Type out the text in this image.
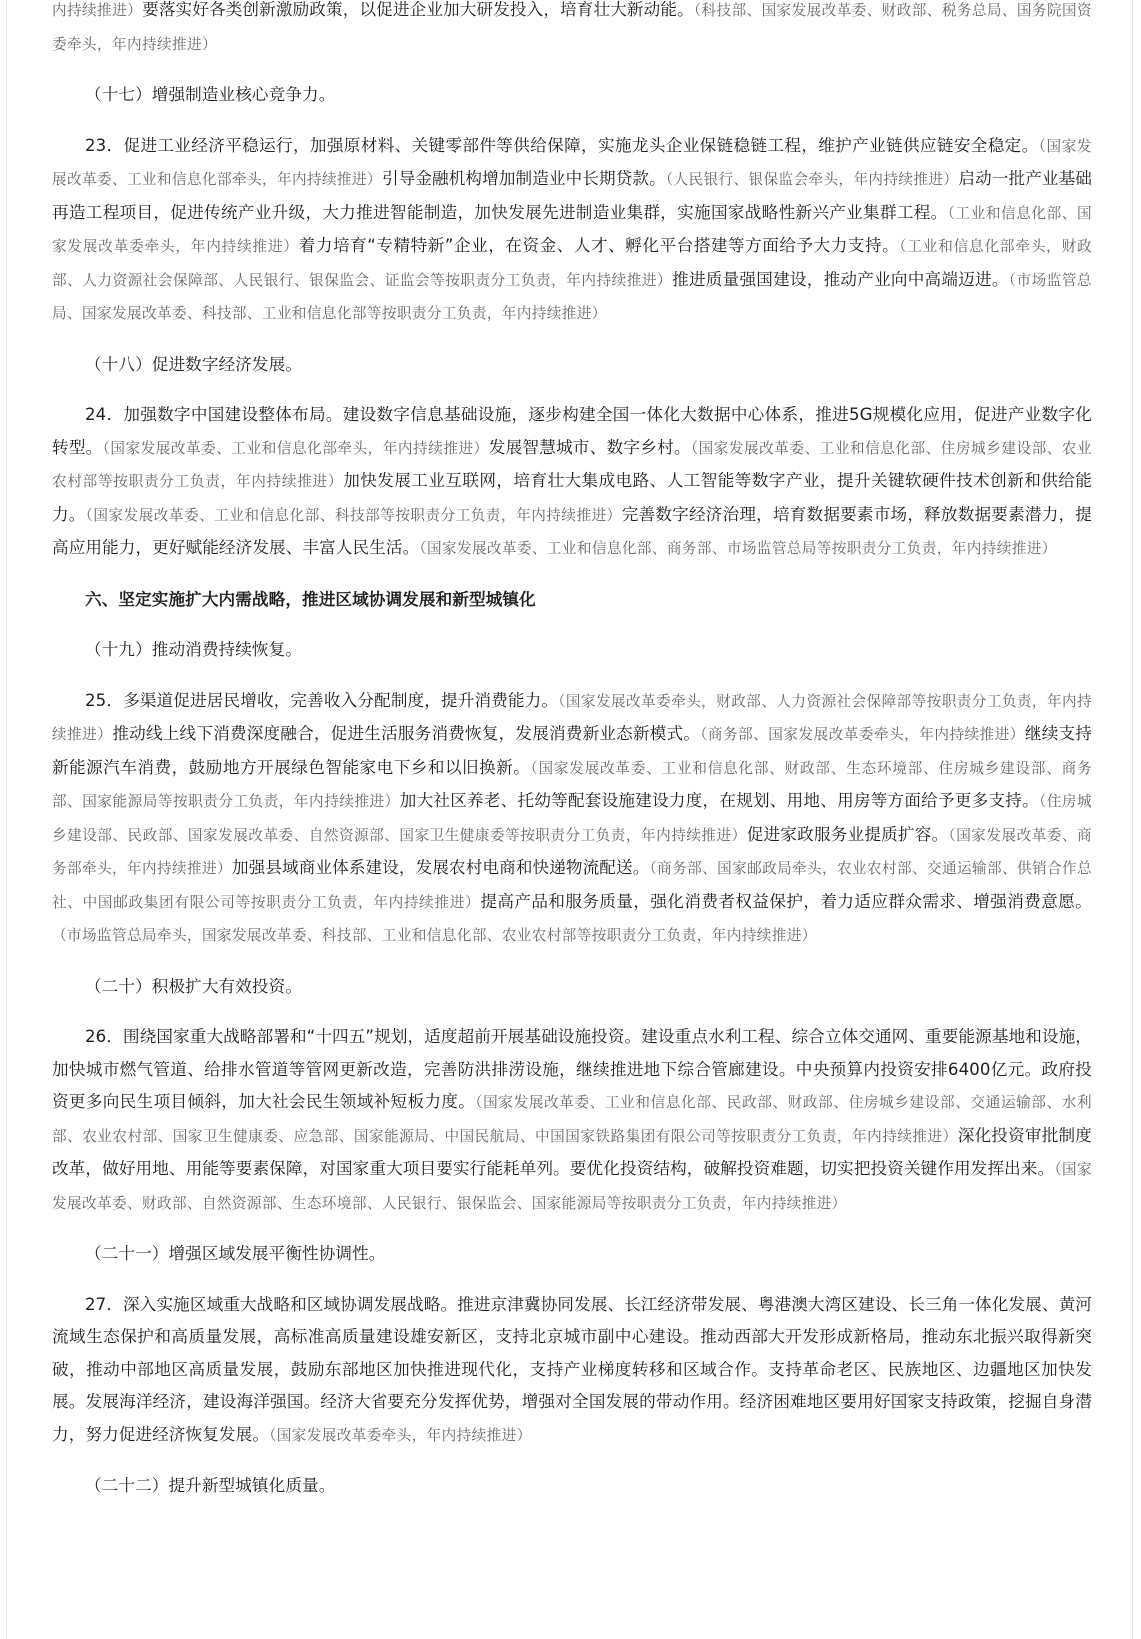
内持续推进）要落实好各类创新激励政策，以促进企业加大研发投入，培育壮大新动能。（科技部、国家发展改革委、财政部、税务总局、国务院国资委牵头，年内持续推进）

（十七）增强制造业核心竞争力。

23．促进工业经济平稳运行，加强原材料、关键零部件等供给保障，实施龙头企业保链稳链工程，维护产业链供应链安全稳定。（国家发展改革委、工业和信息化部牵头，年内持续推进）引导金融机构增加制造业中长期贷款。（人民银行、银保监会牵头，年内持续推进）启动一批产业基础再造工程项目，促进传统产业升级，大力推进智能制造，加快发展先进制造业集群，实施国家战略性新兴产业集群工程。（工业和信息化部、国家发展改革委牵头，年内持续推进）着力培育“专精特新”企业，在资金、人才、孵化平台搭建等方面给予大力支持。（工业和信息化部牵头，财政部、人力资源社会保障部、人民银行、银保监会、证监会等按职责分工负责，年内持续推进）推进质量强国建设，推动产业向中高端迈进。（市场监管总局、国家发展改革委、科技部、工业和信息化部等按职责分工负责，年内持续推进）

（十八）促进数字经济发展。

24．加强数字中国建设整体布局。建设数字信息基础设施，逐步构建全国一体化大数据中心体系，推进5G规模化应用，促进产业数字化转型。（国家发展改革委、工业和信息化部牵头，年内持续推进）发展智慧城市、数字乡村。（国家发展改革委、工业和信息化部、住房城乡建设部、农业农村部等按职责分工负责，年内持续推进）加快发展工业互联网，培育壮大集成电路、人工智能等数字产业，提升关键软硬件技术创新和供给能力。（国家发展改革委、工业和信息化部、科技部等按职责分工负责，年内持续推进）完善数字经济治理，培育数据要素市场，释放数据要素潜力，提高应用能力，更好赋能经济发展、丰富人民生活。（国家发展改革委、工业和信息化部、商务部、市场监管总局等按职责分工负责，年内持续推进）

六、坚定实施扩大内需战略，推进区域协调发展和新型城镇化

（十九）推动消费持续恢复。

25．多渠道促进居民增收，完善收入分配制度，提升消费能力。（国家发展改革委牵头，财政部、人力资源社会保障部等按职责分工负责，年内持续推进）推动线上线下消费深度融合，促进生活服务消费恢复，发展消费新业态新模式。（商务部、国家发展改革委牵头，年内持续推进）继续支持新能源汽车消费，鼓励地方开展绿色智能家电下乡和以旧换新。（国家发展改革委、工业和信息化部、财政部、生态环境部、住房城乡建设部、商务部、国家能源局等按职责分工负责，年内持续推进）加大社区养老、托幼等配套设施建设力度，在规划、用地、用房等方面给予更多支持。（住房城乡建设部、民政部、国家发展改革委、自然资源部、国家卫生健康委等按职责分工负责，年内持续推进）促进家政服务业提质扩容。（国家发展改革委、商务部牵头，年内持续推进）加强县域商业体系建设，发展农村电商和快递物流配送。（商务部、国家邮政局牵头，农业农村部、交通运输部、供销合作总社、中国邮政集团有限公司等按职责分工负责，年内持续推进）提高产品和服务质量，强化消费者权益保护，着力适应群众需求、增强消费意愿。（市场监管总局牵头，国家发展改革委、科技部、工业和信息化部、农业农村部等按职责分工负责，年内持续推进）

（二十）积极扩大有效投资。

26．围绕国家重大战略部署和“十四五”规划，适度超前开展基础设施投资。建设重点水利工程、综合立体交通网、重要能源基地和设施，加快城市燃气管道、给排水管道等管网更新改造，完善防洪排涝设施，继续推进地下综合管廊建设。中央预算内投资安排6400亿元。政府投资更多向民生项目倾斜，加大社会民生领域补短板力度。（国家发展改革委、工业和信息化部、民政部、财政部、住房城乡建设部、交通运输部、水利部、农业农村部、国家卫生健康委、应急部、国家能源局、中国民航局、中国国家铁路集团有限公司等按职责分工负责，年内持续推进）深化投资审批制度改革，做好用地、用能等要素保障，对国家重大项目要实行能耗单列。要优化投资结构，破解投资难题，切实把投资关键作用发挥出来。（国家发展改革委、财政部、自然资源部、生态环境部、人民银行、银保监会、国家能源局等按职责分工负责，年内持续推进）

（二十一）增强区域发展平衡性协调性。

27．深入实施区域重大战略和区域协调发展战略。推进京津冀协同发展、长江经济带发展、粤港澳大湾区建设、长三角一体化发展、黄河流域生态保护和高质量发展，高标准高质量建设雄安新区，支持北京城市副中心建设。推动西部大开发形成新格局，推动东北振兴取得新突破，推动中部地区高质量发展，鼓励东部地区加快推进现代化，支持产业梯度转移和区域合作。支持革命老区、民族地区、边疆地区加快发展。发展海洋经济，建设海洋强国。经济大省要充分发挥优势，增强对全国发展的带动作用。经济困难地区要用好国家支持政策，挖掘自身潜力，努力促进经济恢复发展。（国家发展改革委牵头，年内持续推进）

（二十二）提升新型城镇化质量。
